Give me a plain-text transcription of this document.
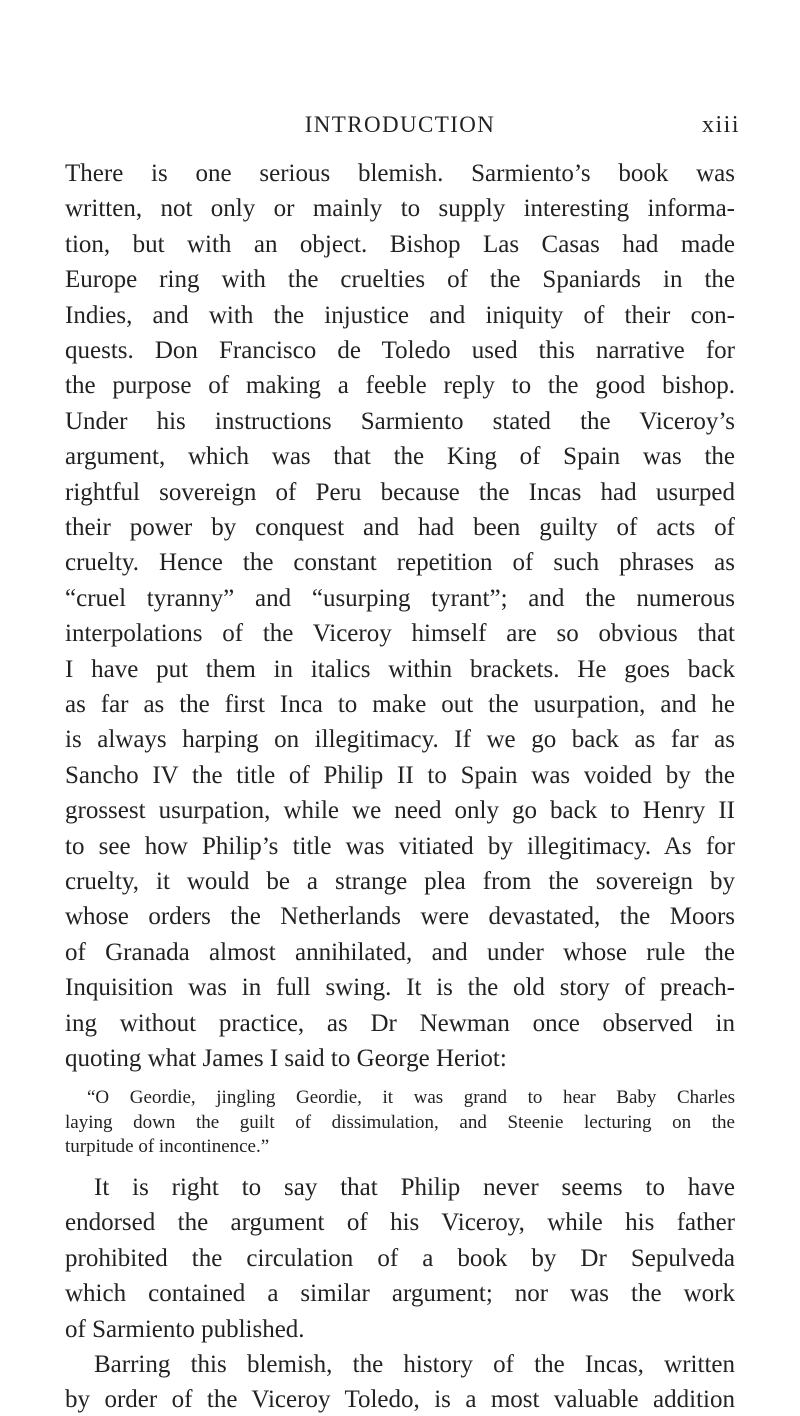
INTRODUCTION	xiii
There is one serious blemish. Sarmiento’s book was
written, not only or mainly to supply interesting informa-
tion, but with an object. Bishop Las Casas had made
Europe ring with the cruelties of the Spaniards in the
Indies, and with the injustice and iniquity of their con-
quests. Don Francisco de Toledo used this narrative for
the purpose of making a feeble reply to the good bishop.
Under his instructions Sarmiento stated the Viceroy’s
argument, which was that the King of Spain was the
rightful sovereign of Peru because the Incas had usurped
their power by conquest and had been guilty of acts of
cruelty. Hence the constant repetition of such phrases as
“cruel tyranny” and “usurping tyrant”; and the numerous
interpolations of the Viceroy himself are so obvious that
I have put them in italics within brackets. He goes back
as far as the first Inca to make out the usurpation, and he
is always harping on illegitimacy. If we go back as far as
Sancho IV the title of Philip II to Spain was voided by the
grossest usurpation, while we need only go back to Henry II
to see how Philip’s title was vitiated by illegitimacy. As for
cruelty, it would be a strange plea from the sovereign by
whose orders the Netherlands were devastated, the Moors
of Granada almost annihilated, and under whose rule the
Inquisition was in full swing. It is the old story of preach-
ing without practice, as Dr Newman once observed in
quoting what James I said to George Heriot:
“O Geordie, jingling Geordie, it was grand to hear Baby Charles
laying down the guilt of dissimulation, and Steenie lecturing on the
turpitude of incontinence.”
It is right to say that Philip never seems to have
endorsed the argument of his Viceroy, while his father
prohibited the circulation of a book by Dr Sepulveda
which contained a similar argument; nor was the work
of Sarmiento published.
Barring this blemish, the history of the Incas, written
by order of the Viceroy Toledo, is a most valuable addition
